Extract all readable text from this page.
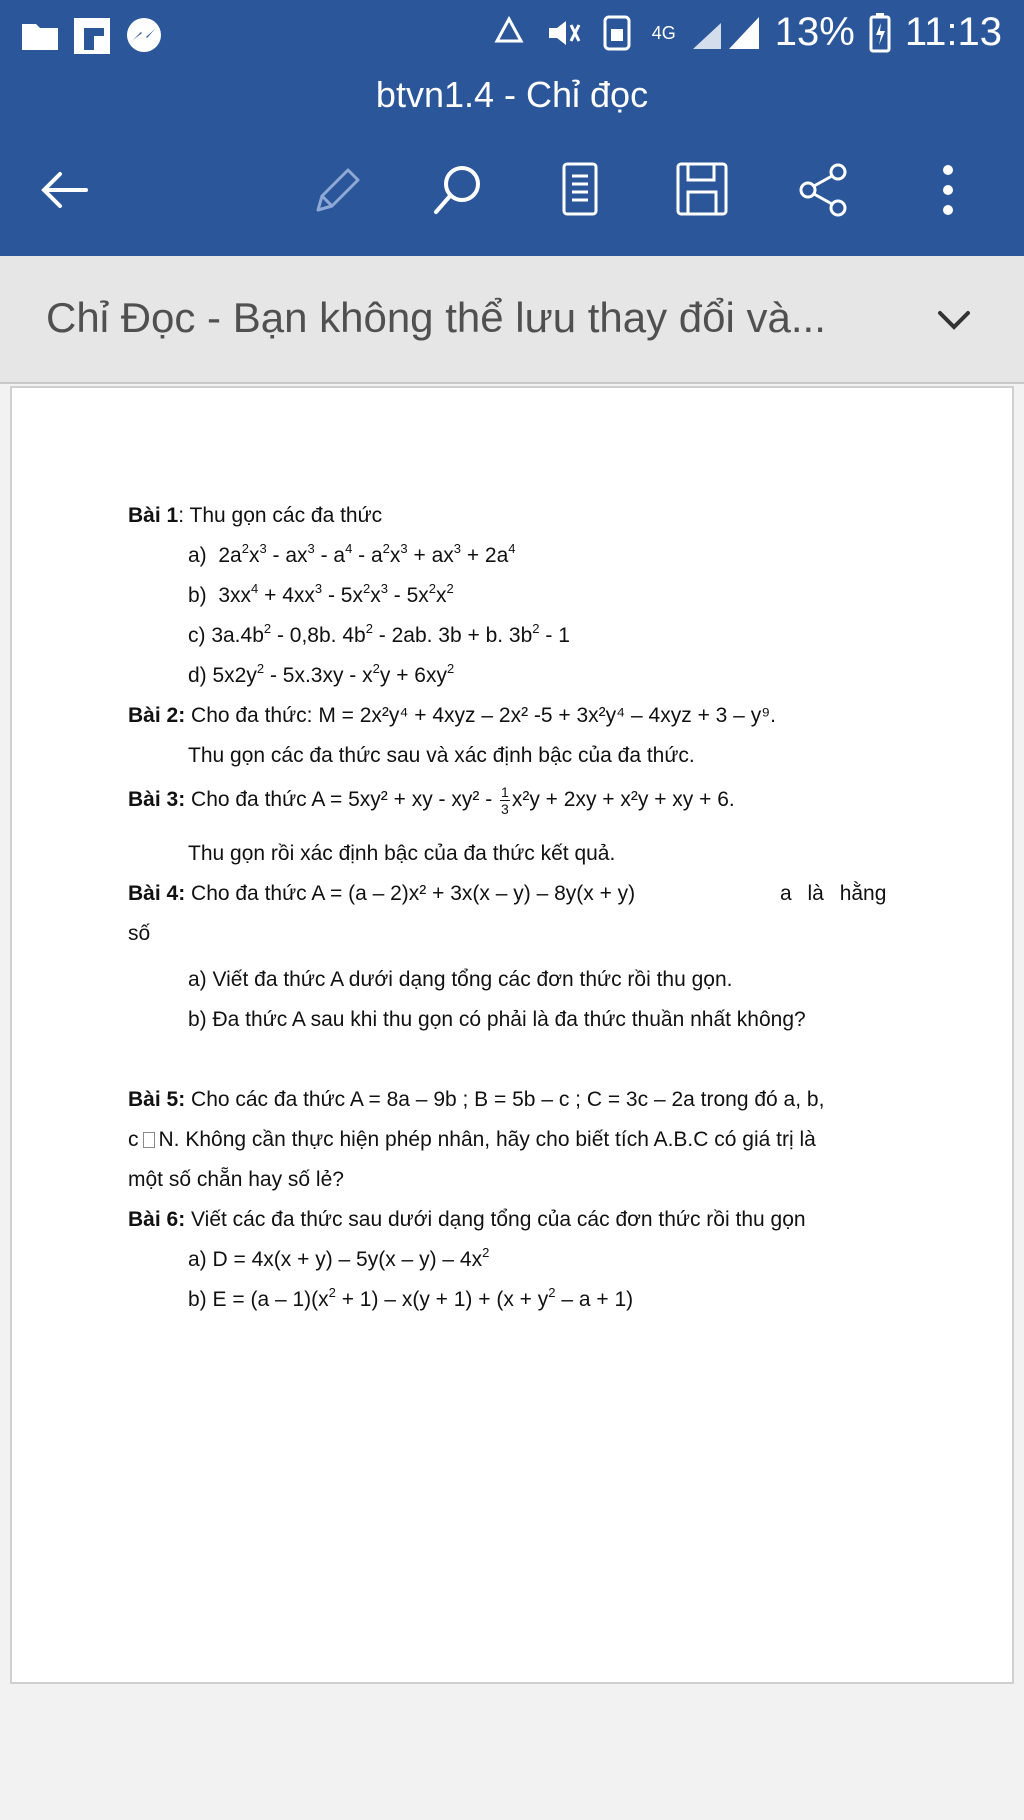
4G 13% 11:13
btvn1.4 - Chỉ đọc
Chỉ Đọc - Bạn không thể lưu thay đổi và...
Bài 1: Thu gọn các đa thức
a)  $2a^2x^3 - ax^3 - a^4 - a^2x^3 + ax^3 + 2a^4$
b)  $3xx^4 + 4xx^3 - 5x^2x^3 - 5x^2x^2$
c) $3a.4b^2 - 0,8b$. $4b^2 - 2ab$. 3b + b. $3b^2 - 1$
d) $5x2y^2 - 5x.3xy - x^2y + 6xy^2$
Bài 2: Cho đa thức: M = 2x²y⁴ + 4xyz – 2x² -5 + 3x²y⁴ – 4xyz + 3 – y⁹.
Thu gọn các đa thức sau và xác định bậc của đa thức.
Bài 3: Cho đa thức A = 5xy² + xy - $xy^2 - \frac{1}{3} x^2y + 2xy + x^2y$ + xy + 6.
Thu gọn rồi xác định bậc của đa thức kết quả.
Bài 4: Cho đa thức A = (a – 2)x² + 3x(x – y) – 8y(x + y)	a là hằng
số
a) Viết đa thức A dưới dạng tổng các đơn thức rồi thu gọn.
b) Đa thức A sau khi thu gọn có phải là đa thức thuần nhất không?
Bài 5: Cho các đa thức A = 8a – 9b ; B = 5b – c ; C = 3c – 2a trong đó a, b,
c N. Không cần thực hiện phép nhân, hãy cho biết tích A.B.C có giá trị là
một số chẵn hay số lẻ?
Bài 6: Viết các đa thức sau dưới dạng tổng của các đơn thức rồi thu gọn
a) $D = 4x(x + y) - 5y(x - y) - 4x^2$
b) $E = (a - 1)(x^2 + 1) - x(y + 1) + (x + y^2 - a + 1)$
